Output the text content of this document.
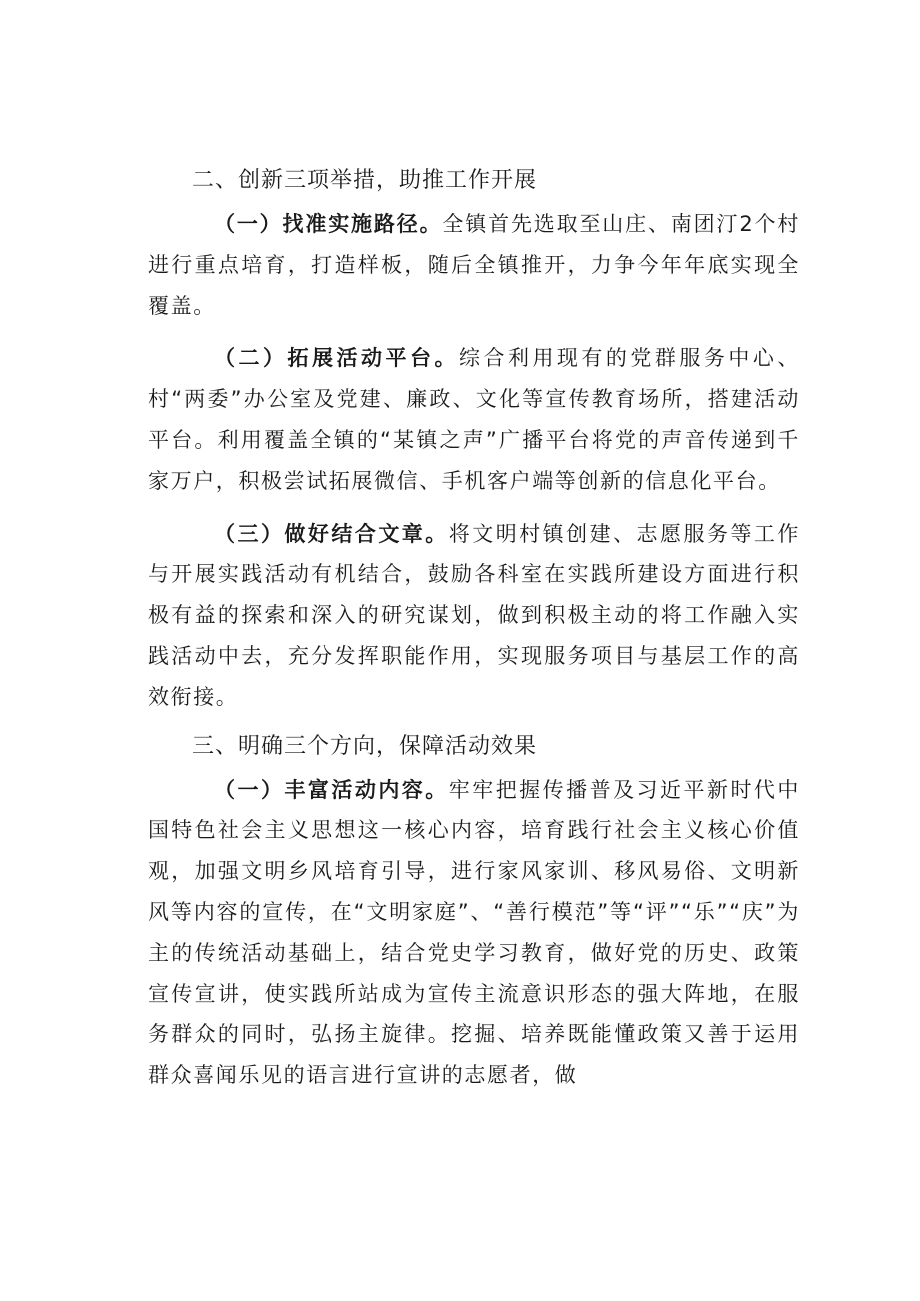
二、创新三项举措，助推工作开展

（一）找准实施路径。全镇首先选取至山庄、南团汀2个村进行重点培育，打造样板，随后全镇推开，力争今年年底实现全覆盖。

（二）拓展活动平台。综合利用现有的党群服务中心、村“两委”办公室及党建、廉政、文化等宣传教育场所，搭建活动平台。利用覆盖全镇的“某镇之声”广播平台将党的声音传递到千家万户，积极尝试拓展微信、手机客户端等创新的信息化平台。

（三）做好结合文章。将文明村镇创建、志愿服务等工作与开展实践活动有机结合，鼓励各科室在实践所建设方面进行积极有益的探索和深入的研究谋划，做到积极主动的将工作融入实践活动中去，充分发挥职能作用，实现服务项目与基层工作的高效衔接。

三、明确三个方向，保障活动效果

（一）丰富活动内容。牢牢把握传播普及习近平新时代中国特色社会主义思想这一核心内容，培育践行社会主义核心价值观，加强文明乡风培育引导，进行家风家训、移风易俗、文明新风等内容的宣传，在“文明家庭”、“善行模范”等“评”“乐”“庆”为主的传统活动基础上，结合党史学习教育，做好党的历史、政策宣传宣讲，使实践所站成为宣传主流意识形态的强大阵地，在服务群众的同时，弘扬主旋律。挖掘、培养既能懂政策又善于运用群众喜闻乐见的语言进行宣讲的志愿者，做
